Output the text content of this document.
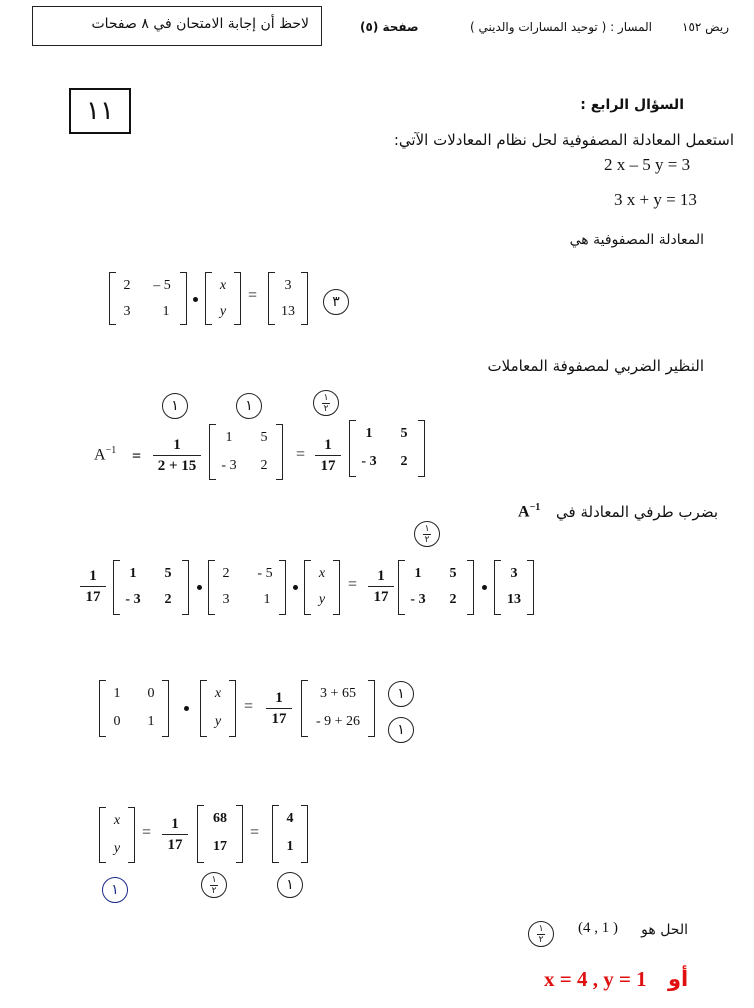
لاحظ أن إجابة الامتحان في ٨ صفحات	صفحة (٥)	المسار : ( توحيد المسارات والديني ) ريض ١٥٢
١١	السؤال الرابع :
استعمل المعادلة المصفوفية لحل نظام المعادلات الآتي:
2 x – 5 y = 3
3 x + y = 13
المعادلة المصفوفية هي
2	– 5
3	1
x
y
=
3
13
٣
النظير الضربي لمصفوفة المعاملات
١	١	١
٢
$A^{-1} = \frac{1}{2 + 15}$	1	5
- 3	2
= $\frac{1}{17}$
1	5
- 3	2
بضرب طرفي المعادلة في
$A^{-1}$
١
٢
$\frac{1}{17}$	1	5
- 3	2
2	- 5
3	1
x
y
= $\frac{1}{17}$	1	5
- 3	2
3
13
1	0
0	1
x
y
= $\frac{1}{17}$	3 + 65
- 9 + 26
١
١
x
y
= $\frac{1}{17}$	68
17
=
4
1
١
١
٢	١
الحل هو
(4 , 1 )
١
٢
x = 4 , y = 1 أو
